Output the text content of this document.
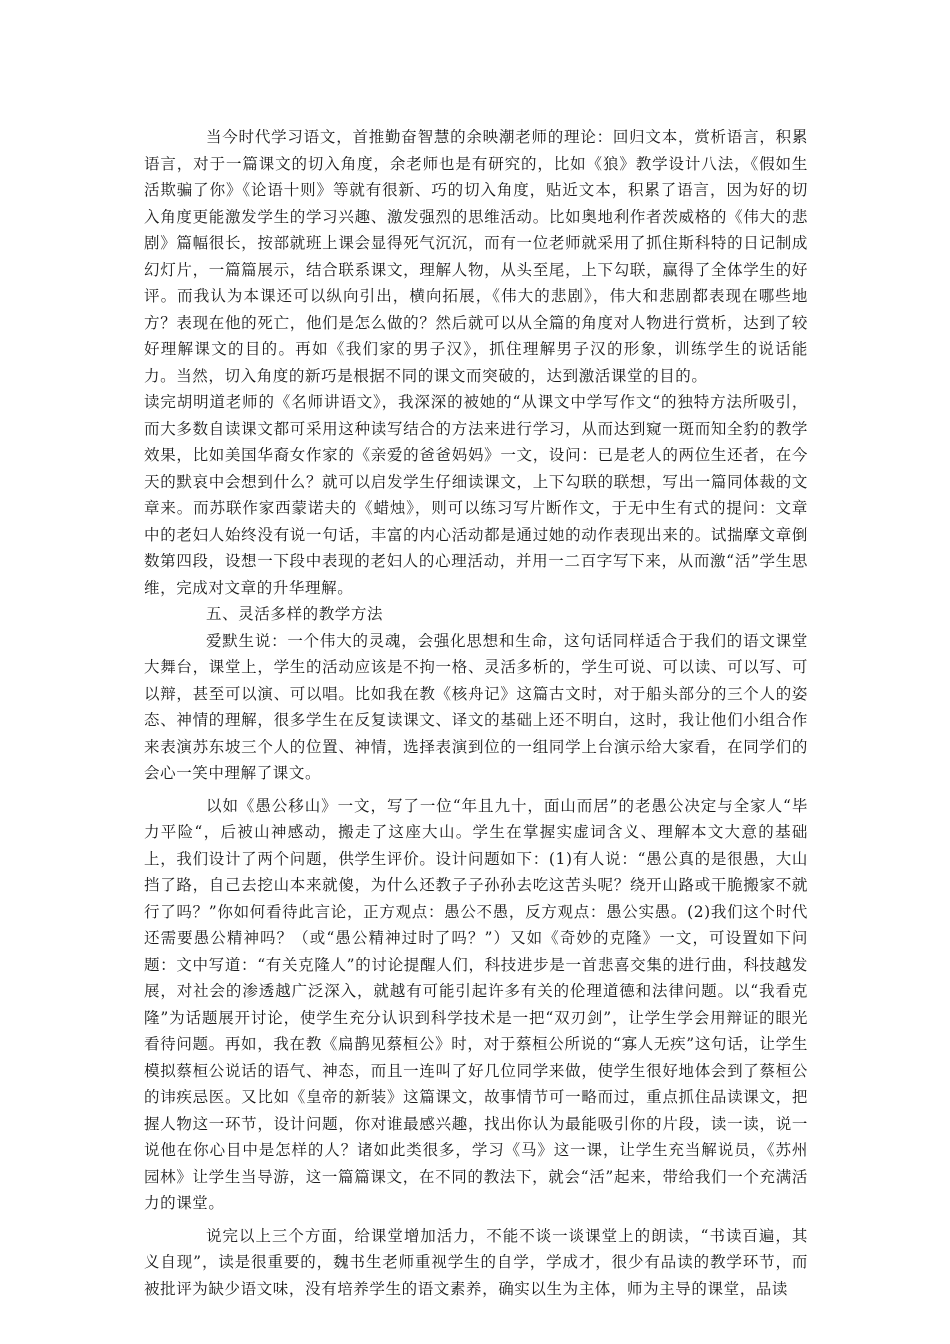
当今时代学习语文，首推勤奋智慧的余映潮老师的理论：回归文本，赏析语言，积累语言，对于一篇课文的切入角度，余老师也是有研究的，比如《狼》教学设计八法，《假如生活欺骗了你》《论语十则》等就有很新、巧的切入角度，贴近文本，积累了语言，因为好的切入角度更能激发学生的学习兴趣、激发强烈的思维活动。比如奥地利作者茨威格的《伟大的悲剧》篇幅很长，按部就班上课会显得死气沉沉，而有一位老师就采用了抓住斯科特的日记制成幻灯片，一篇篇展示，结合联系课文，理解人物，从头至尾，上下勾联，赢得了全体学生的好评。而我认为本课还可以纵向引出，横向拓展，《伟大的悲剧》，伟大和悲剧都表现在哪些地方？表现在他的死亡，他们是怎么做的？然后就可以从全篇的角度对人物进行赏析，达到了较好理解课文的目的。再如《我们家的男子汉》，抓住理解男子汉的形象，训练学生的说话能力。当然，切入角度的新巧是根据不同的课文而突破的，达到激活课堂的目的。

读完胡明道老师的《名师讲语文》，我深深的被她的“从课文中学写作文“的独特方法所吸引，而大多数自读课文都可采用这种读写结合的方法来进行学习，从而达到窥一斑而知全豹的教学效果，比如美国华裔女作家的《亲爱的爸爸妈妈》一文，设问：已是老人的两位生还者，在今天的默哀中会想到什么？就可以启发学生仔细读课文，上下勾联的联想，写出一篇同体裁的文章来。而苏联作家西蒙诺夫的《蜡烛》，则可以练习写片断作文，于无中生有式的提问：文章中的老妇人始终没有说一句话，丰富的内心活动都是通过她的动作表现出来的。试揣摩文章倒数第四段，设想一下段中表现的老妇人的心理活动，并用一二百字写下来，从而激“活”学生思维，完成对文章的升华理解。

五、灵活多样的教学方法

爱默生说：一个伟大的灵魂，会强化思想和生命，这句话同样适合于我们的语文课堂大舞台，课堂上，学生的活动应该是不拘一格、灵活多析的，学生可说、可以读、可以写、可以辩，甚至可以演、可以唱。比如我在教《核舟记》这篇古文时，对于船头部分的三个人的姿态、神情的理解，很多学生在反复读课文、译文的基础上还不明白，这时，我让他们小组合作来表演苏东坡三个人的位置、神情，选择表演到位的一组同学上台演示给大家看，在同学们的会心一笑中理解了课文。

以如《愚公移山》一文，写了一位“年且九十，面山而居”的老愚公决定与全家人“毕力平险“，后被山神感动，搬走了这座大山。学生在掌握实虚词含义、理解本文大意的基础上，我们设计了两个问题，供学生评价。设计问题如下：(1)有人说：“愚公真的是很愚，大山挡了路，自己去挖山本来就傻，为什么还教子子孙孙去吃这苦头呢？绕开山路或干脆搬家不就行了吗？”你如何看待此言论，正方观点：愚公不愚，反方观点：愚公实愚。(2)我们这个时代还需要愚公精神吗？（或“愚公精神过时了吗？”）又如《奇妙的克隆》一文，可设置如下问题：文中写道：“有关克隆人”的讨论提醒人们，科技进步是一首悲喜交集的进行曲，科技越发展，对社会的渗透越广泛深入，就越有可能引起许多有关的伦理道德和法律问题。以“我看克隆”为话题展开讨论，使学生充分认识到科学技术是一把“双刃剑”，让学生学会用辩证的眼光看待问题。再如，我在教《扁鹊见蔡桓公》时，对于蔡桓公所说的“寡人无疾”这句话，让学生模拟蔡桓公说话的语气、神态，而且一连叫了好几位同学来做，使学生很好地体会到了蔡桓公的讳疾忌医。又比如《皇帝的新装》这篇课文，故事情节可一略而过，重点抓住品读课文，把握人物这一环节，设计问题，你对谁最感兴趣，找出你认为最能吸引你的片段，读一读，说一说他在你心目中是怎样的人？诸如此类很多，学习《马》这一课，让学生充当解说员，《苏州园林》让学生当导游，这一篇篇课文，在不同的教法下，就会“活”起来，带给我们一个充满活力的课堂。

说完以上三个方面，给课堂增加活力，不能不谈一谈课堂上的朗读，“书读百遍，其义自现”，读是很重要的，魏书生老师重视学生的自学，学成才，很少有品读的教学环节，而被批评为缺少语文味，没有培养学生的语文素养，确实以生为主体，师为主导的课堂，品读
